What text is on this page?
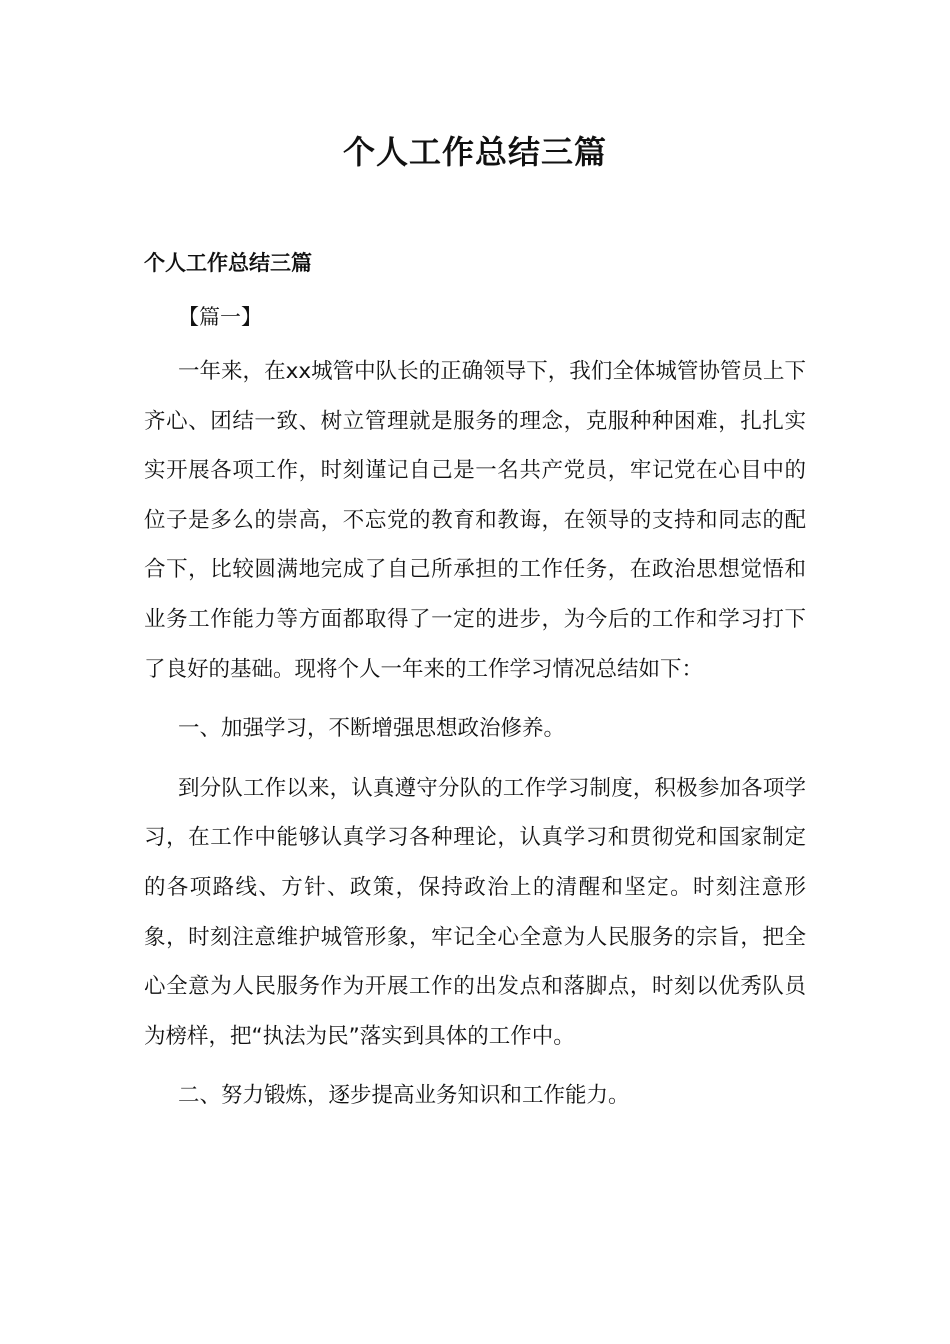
个人工作总结三篇

个人工作总结三篇

【篇一】

一年来，在xx城管中队长的正确领导下，我们全体城管协管员上下齐心、团结一致、树立管理就是服务的理念，克服种种困难，扎扎实实开展各项工作，时刻谨记自己是一名共产党员，牢记党在心目中的位子是多么的崇高，不忘党的教育和教诲，在领导的支持和同志的配合下，比较圆满地完成了自己所承担的工作任务，在政治思想觉悟和业务工作能力等方面都取得了一定的进步，为今后的工作和学习打下了良好的基础。现将个人一年来的工作学习情况总结如下：

一、加强学习，不断增强思想政治修养。

到分队工作以来，认真遵守分队的工作学习制度，积极参加各项学习，在工作中能够认真学习各种理论，认真学习和贯彻党和国家制定的各项路线、方针、政策，保持政治上的清醒和坚定。时刻注意形象，时刻注意维护城管形象，牢记全心全意为人民服务的宗旨，把全心全意为人民服务作为开展工作的出发点和落脚点，时刻以优秀队员为榜样，把“执法为民”落实到具体的工作中。

二、努力锻炼，逐步提高业务知识和工作能力。
